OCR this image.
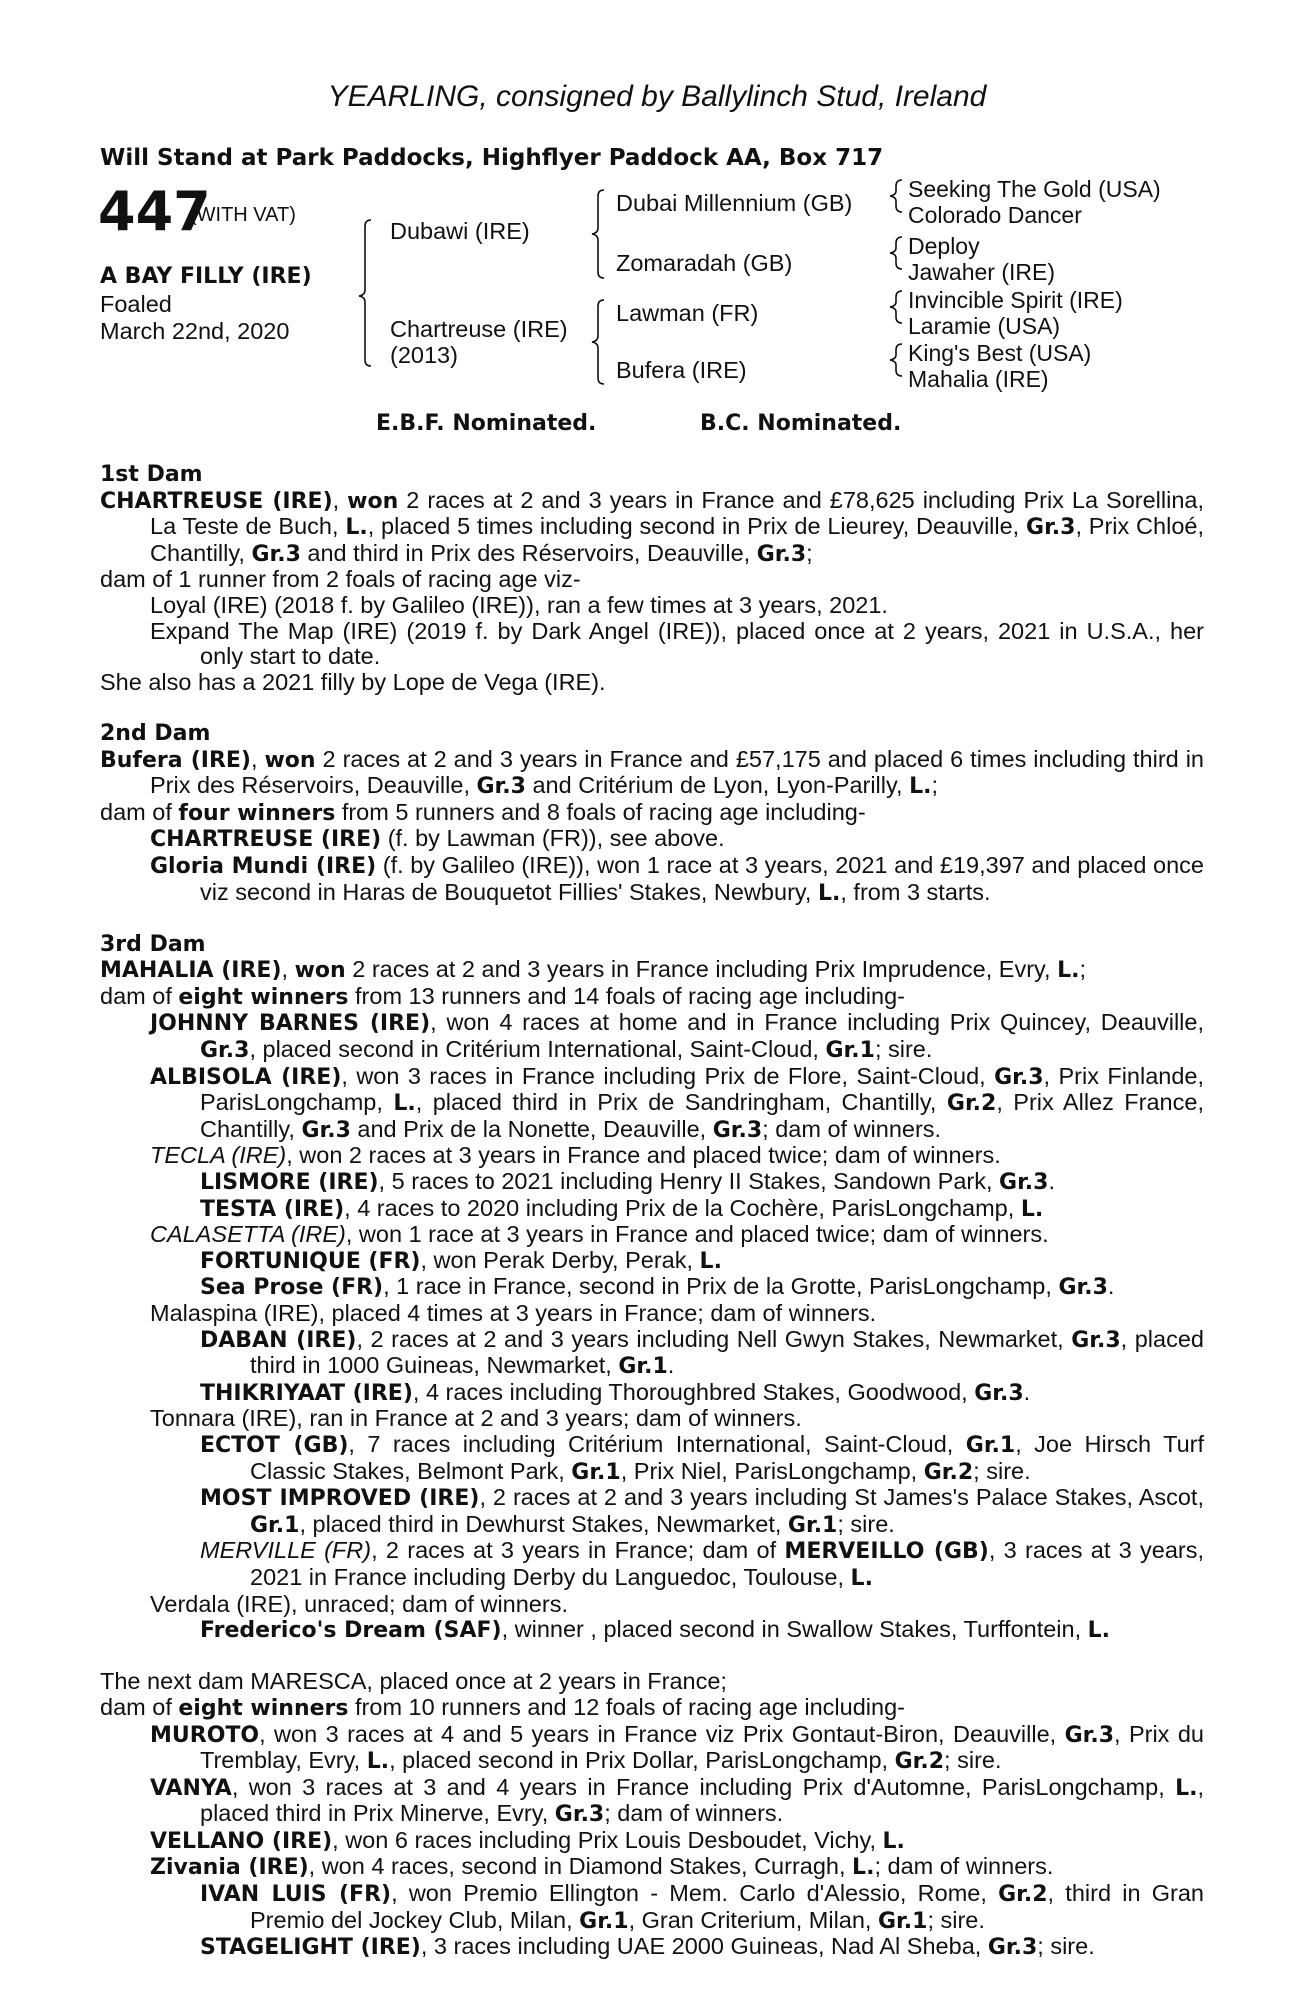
YEARLING, consigned by Ballylinch Stud, Ireland
Will Stand at Park Paddocks, Highflyer Paddock AA, Box 717
447
(WITH VAT)
A BAY FILLY (IRE)
Foaled
March 22nd, 2020
Dubawi (IRE)
Chartreuse (IRE)
(2013)
Dubai Millennium (GB)
Zomaradah (GB)
Lawman (FR)
Bufera (IRE)
Seeking The Gold (USA)
Colorado Dancer
Deploy
Jawaher (IRE)
Invincible Spirit (IRE)
Laramie (USA)
King's Best (USA)
Mahalia (IRE)
E.B.F. Nominated.	B.C. Nominated.
1st Dam
CHARTREUSE (IRE), won 2 races at 2 and 3 years in France and £78,625 including Prix La Sorellina, La Teste de Buch, L., placed 5 times including second in Prix de Lieurey, Deauville, Gr.3, Prix Chloé, Chantilly, Gr.3 and third in Prix des Réservoirs, Deauville, Gr.3;
dam of 1 runner from 2 foals of racing age viz-
Loyal (IRE) (2018 f. by Galileo (IRE)), ran a few times at 3 years, 2021.
Expand The Map (IRE) (2019 f. by Dark Angel (IRE)), placed once at 2 years, 2021 in U.S.A., her only start to date.
She also has a 2021 filly by Lope de Vega (IRE).
2nd Dam
Bufera (IRE), won 2 races at 2 and 3 years in France and £57,175 and placed 6 times including third in Prix des Réservoirs, Deauville, Gr.3 and Critérium de Lyon, Lyon-Parilly, L.;
dam of four winners from 5 runners and 8 foals of racing age including-
CHARTREUSE (IRE) (f. by Lawman (FR)), see above.
Gloria Mundi (IRE) (f. by Galileo (IRE)), won 1 race at 3 years, 2021 and £19,397 and placed once viz second in Haras de Bouquetot Fillies' Stakes, Newbury, L., from 3 starts.
3rd Dam
MAHALIA (IRE), won 2 races at 2 and 3 years in France including Prix Imprudence, Evry, L.;
dam of eight winners from 13 runners and 14 foals of racing age including-
JOHNNY BARNES (IRE), won 4 races at home and in France including Prix Quincey, Deauville, Gr.3, placed second in Critérium International, Saint-Cloud, Gr.1; sire.
ALBISOLA (IRE), won 3 races in France including Prix de Flore, Saint-Cloud, Gr.3, Prix Finlande, ParisLongchamp, L., placed third in Prix de Sandringham, Chantilly, Gr.2, Prix Allez France, Chantilly, Gr.3 and Prix de la Nonette, Deauville, Gr.3; dam of winners.
TECLA (IRE), won 2 races at 3 years in France and placed twice; dam of winners.
LISMORE (IRE), 5 races to 2021 including Henry II Stakes, Sandown Park, Gr.3.
TESTA (IRE), 4 races to 2020 including Prix de la Cochère, ParisLongchamp, L.
CALASETTA (IRE), won 1 race at 3 years in France and placed twice; dam of winners.
FORTUNIQUE (FR), won Perak Derby, Perak, L.
Sea Prose (FR), 1 race in France, second in Prix de la Grotte, ParisLongchamp, Gr.3.
Malaspina (IRE), placed 4 times at 3 years in France; dam of winners.
DABAN (IRE), 2 races at 2 and 3 years including Nell Gwyn Stakes, Newmarket, Gr.3, placed third in 1000 Guineas, Newmarket, Gr.1.
THIKRIYAAT (IRE), 4 races including Thoroughbred Stakes, Goodwood, Gr.3.
Tonnara (IRE), ran in France at 2 and 3 years; dam of winners.
ECTOT (GB), 7 races including Critérium International, Saint-Cloud, Gr.1, Joe Hirsch Turf Classic Stakes, Belmont Park, Gr.1, Prix Niel, ParisLongchamp, Gr.2; sire.
MOST IMPROVED (IRE), 2 races at 2 and 3 years including St James's Palace Stakes, Ascot, Gr.1, placed third in Dewhurst Stakes, Newmarket, Gr.1; sire.
MERVILLE (FR), 2 races at 3 years in France; dam of MERVEILLO (GB), 3 races at 3 years, 2021 in France including Derby du Languedoc, Toulouse, L.
Verdala (IRE), unraced; dam of winners.
Frederico's Dream (SAF), winner , placed second in Swallow Stakes, Turffontein, L.
The next dam MARESCA, placed once at 2 years in France;
dam of eight winners from 10 runners and 12 foals of racing age including-
MUROTO, won 3 races at 4 and 5 years in France viz Prix Gontaut-Biron, Deauville, Gr.3, Prix du Tremblay, Evry, L., placed second in Prix Dollar, ParisLongchamp, Gr.2; sire.
VANYA, won 3 races at 3 and 4 years in France including Prix d'Automne, ParisLongchamp, L., placed third in Prix Minerve, Evry, Gr.3; dam of winners.
VELLANO (IRE), won 6 races including Prix Louis Desboudet, Vichy, L.
Zivania (IRE), won 4 races, second in Diamond Stakes, Curragh, L.; dam of winners.
IVAN LUIS (FR), won Premio Ellington - Mem. Carlo d'Alessio, Rome, Gr.2, third in Gran Premio del Jockey Club, Milan, Gr.1, Gran Criterium, Milan, Gr.1; sire.
STAGELIGHT (IRE), 3 races including UAE 2000 Guineas, Nad Al Sheba, Gr.3; sire.
